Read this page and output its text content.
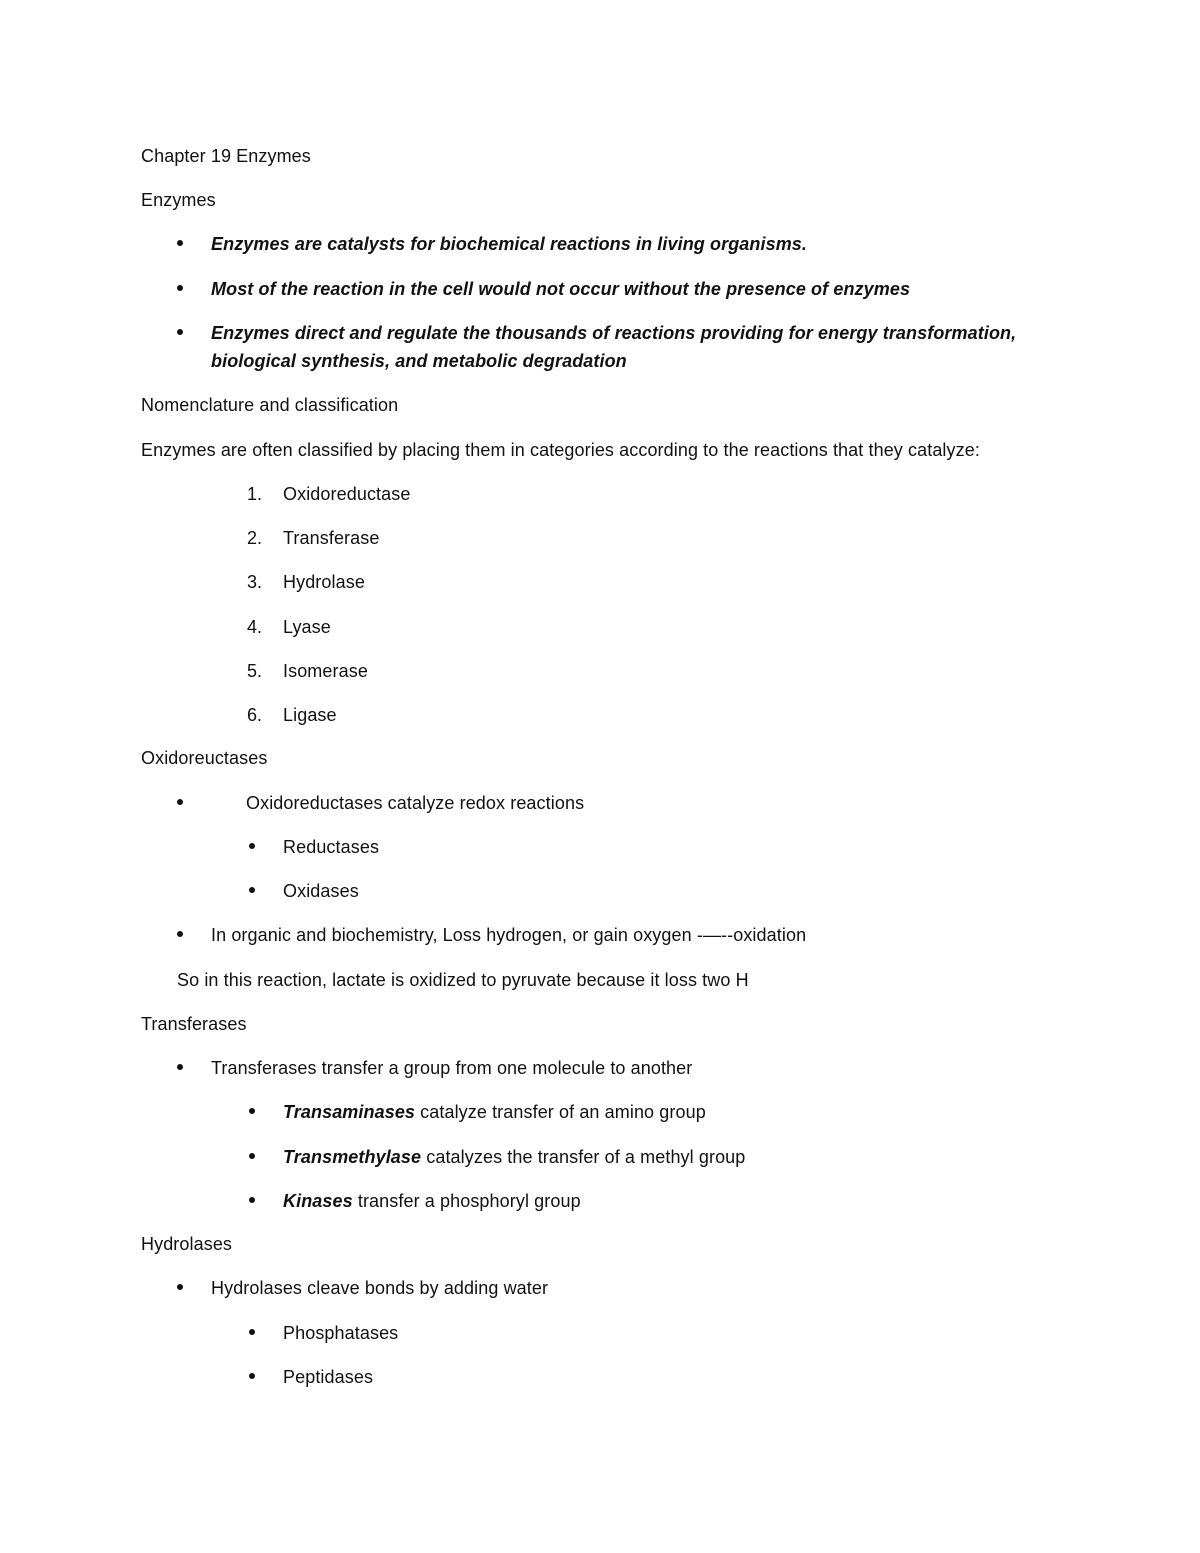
Chapter 19 Enzymes
Enzymes
Enzymes are catalysts for biochemical reactions in living organisms.
Most of the reaction in the cell would not occur without the presence of enzymes
Enzymes direct and regulate the thousands of reactions providing for energy transformation,
biological synthesis, and metabolic degradation
Nomenclature and classification
Enzymes are often classified by placing them in categories according to the reactions that they catalyze:
1. Oxidoreductase
2. Transferase
3. Hydrolase
4. Lyase
5. Isomerase
6. Ligase
Oxidoreuctases
Oxidoreductases catalyze redox reactions
Reductases
Oxidases
In organic and biochemistry, Loss hydrogen, or gain oxygen -—--oxidation
So in this reaction, lactate is oxidized to pyruvate because it loss two H
Transferases
Transferases transfer a group from one molecule to another
Transaminases catalyze transfer of an amino group
Transmethylase catalyzes the transfer of a methyl group
Kinases transfer a phosphoryl group
Hydrolases
Hydrolases cleave bonds by adding water
Phosphatases
Peptidases
